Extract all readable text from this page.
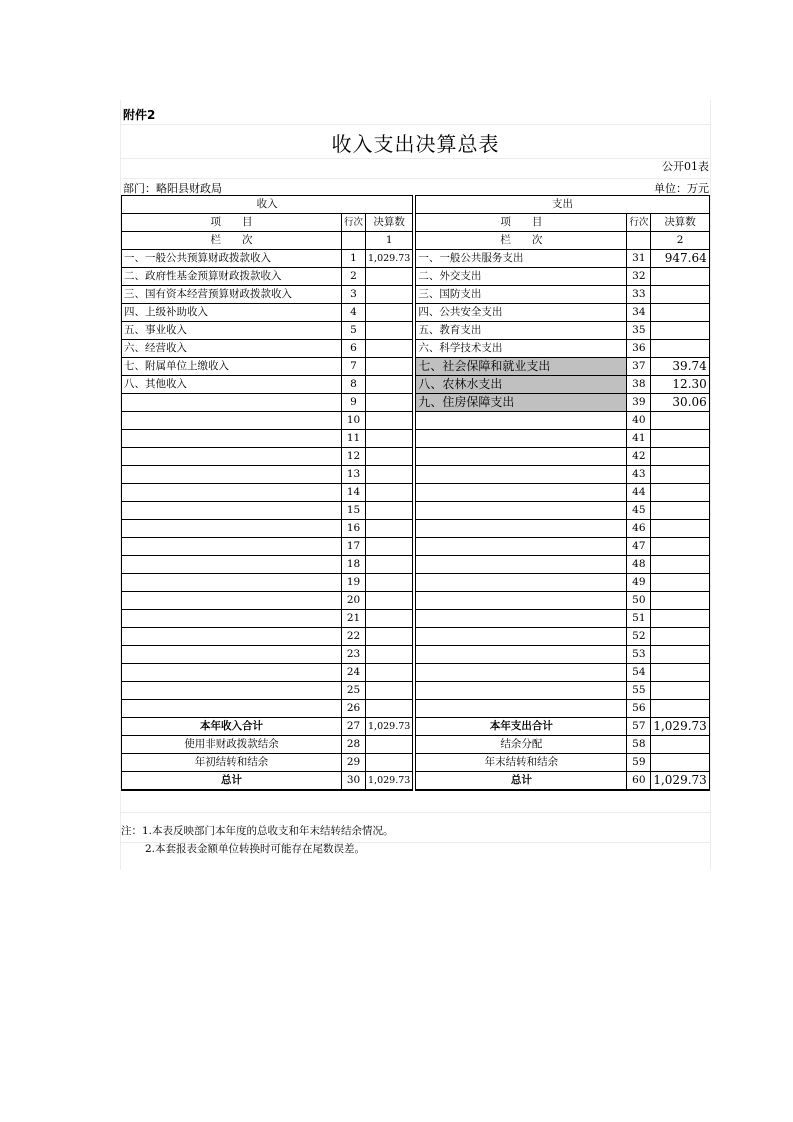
附件2
收入支出决算总表
公开01表
部门：略阳县财政局	单位：万元
收入				支出		
项　　目	行次	决算数		项　　目	行次	决算数
栏　　次		1		栏　　次		2
一、一般公共预算财政拨款收入	1	1,029.73		一、一般公共服务支出	31	947.64
二、政府性基金预算财政拨款收入	2			二、外交支出	32	
三、国有资本经营预算财政拨款收入	3			三、国防支出	33	
四、上级补助收入	4			四、公共安全支出	34	
五、事业收入	5			五、教育支出	35	
六、经营收入	6			六、科学技术支出	36	
七、附属单位上缴收入	7			七、社会保障和就业支出	37	39.74
八、其他收入	8			八、农林水支出	38	12.30
	9			九、住房保障支出	39	30.06
	10				40	
	11				41	
	12				42	
	13				43	
	14				44	
	15				45	
	16				46	
	17				47	
	18				48	
	19				49	
	20				50	
	21				51	
	22				52	
	23				53	
	24				54	
	25				55	
	26				56	
本年收入合计	27	1,029.73		本年支出合计	57	1,029.73
使用非财政拨款结余	28			结余分配	58	
年初结转和结余	29			年末结转和结余	59	
总计	30	1,029.73		总计	60	1,029.73
注：1.本表反映部门本年度的总收支和年末结转结余情况。
2.本套报表金额单位转换时可能存在尾数误差。
